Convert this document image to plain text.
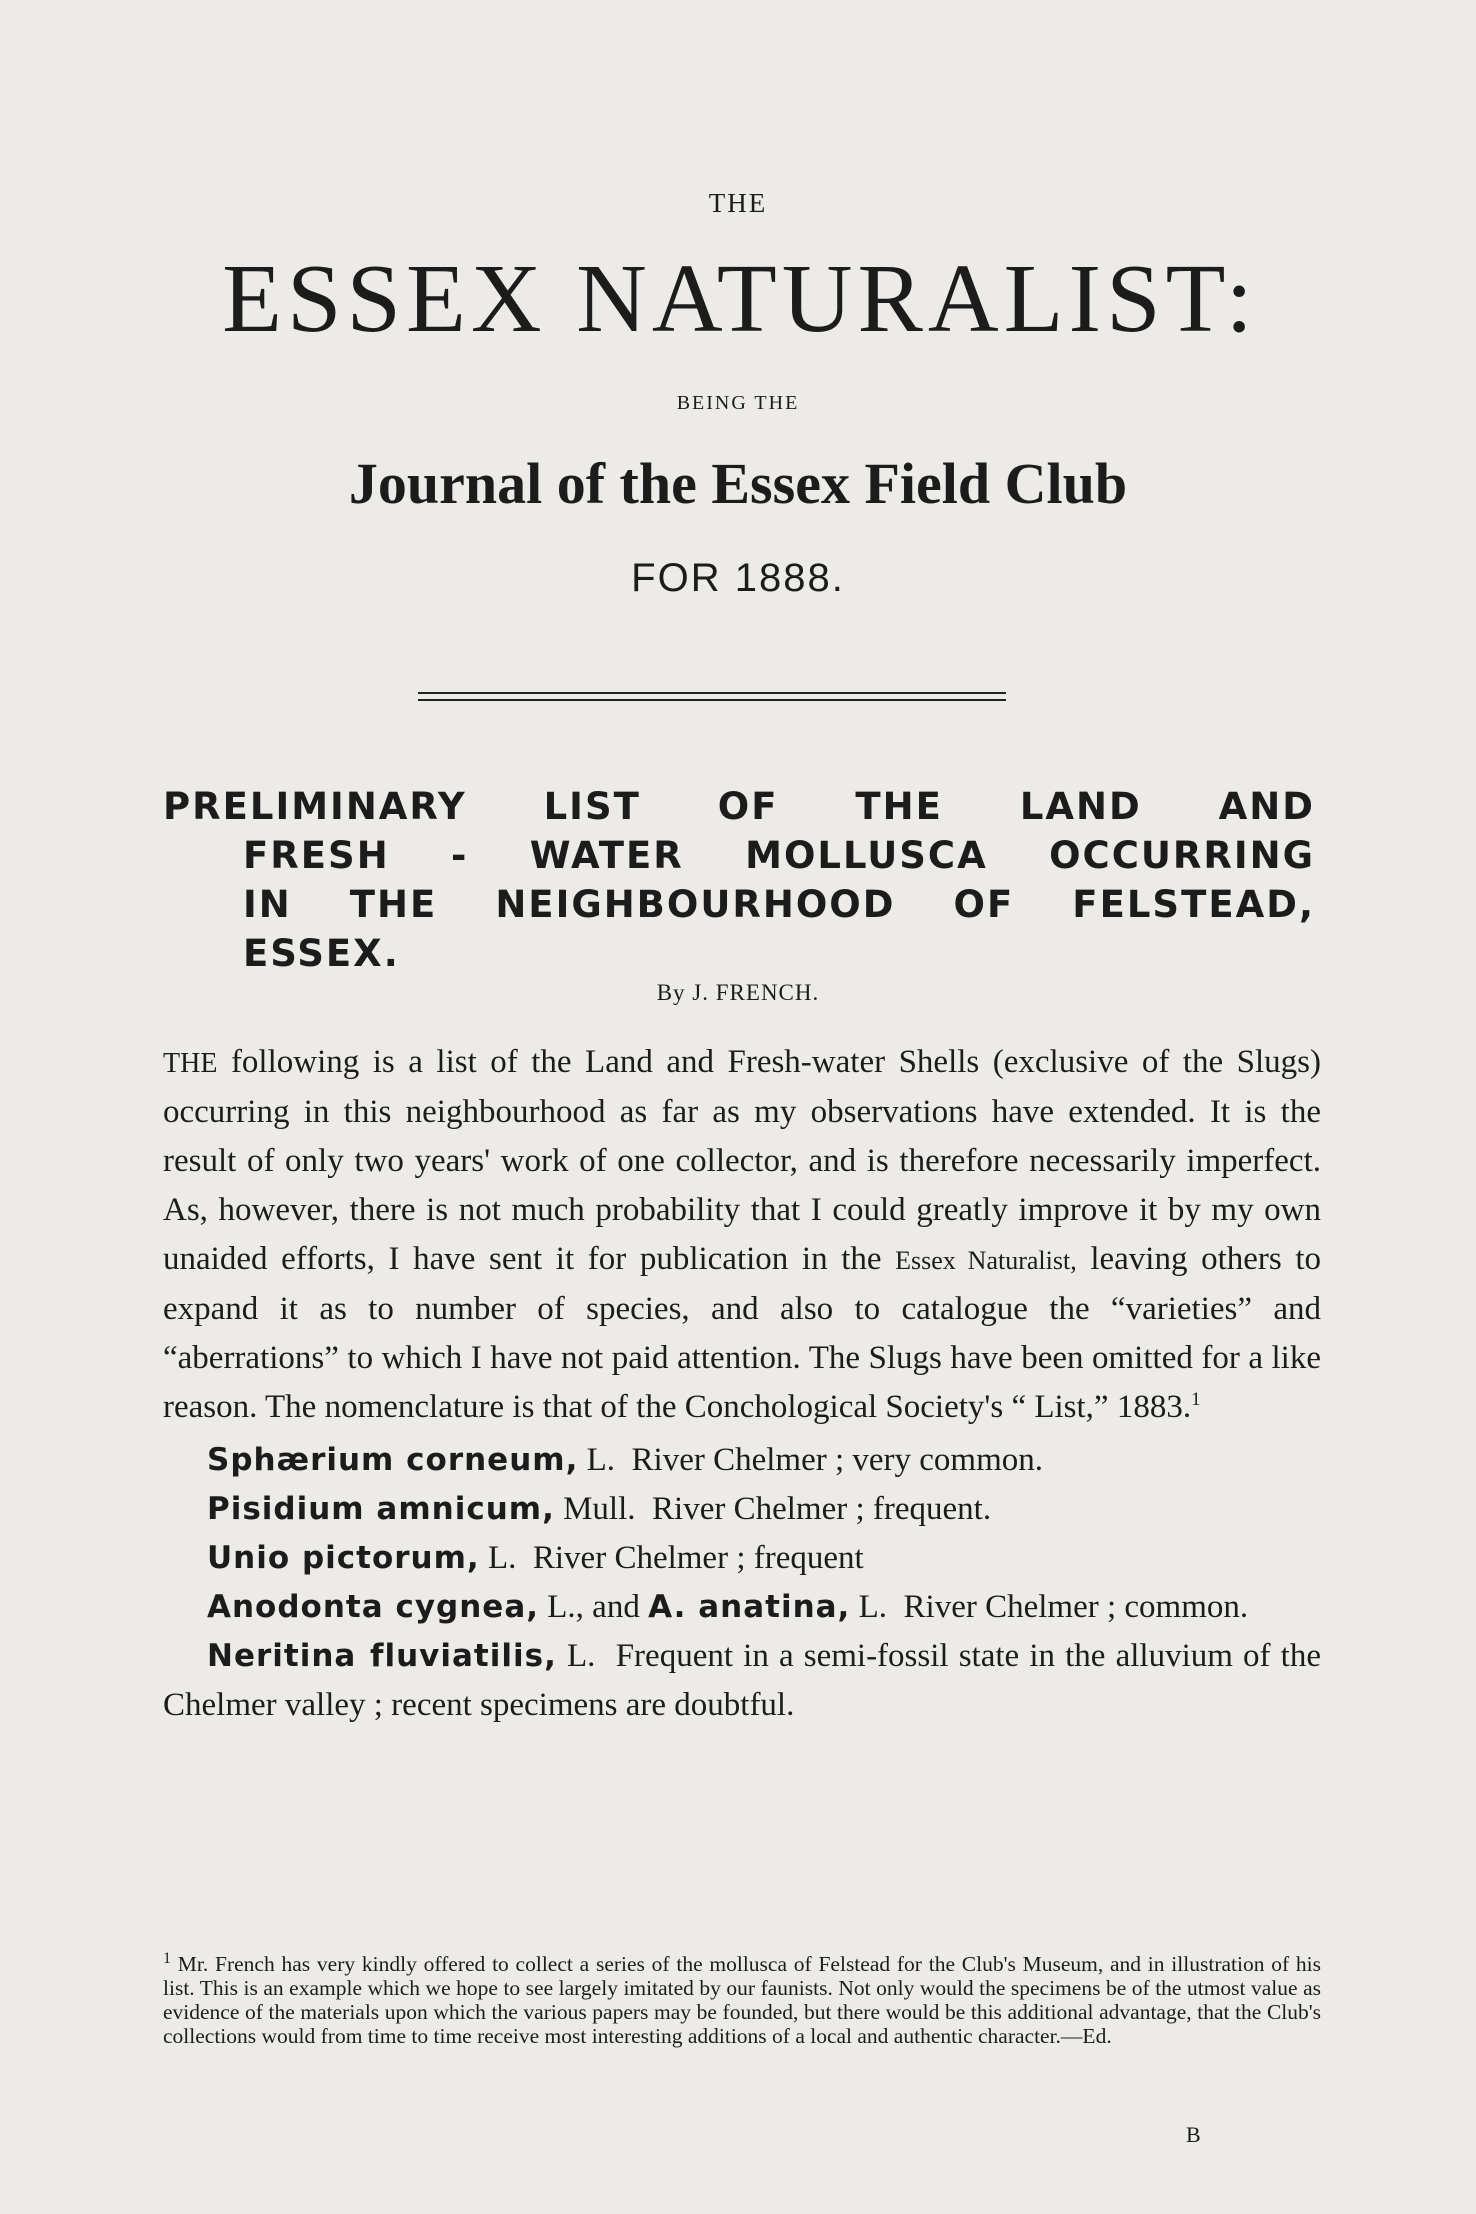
THE
ESSEX NATURALIST:
BEING THE
Journal of the Essex Field Club
FOR 1888.
PRELIMINARY LIST OF THE LAND AND
FRESH - WATER MOLLUSCA OCCURRING
IN THE NEIGHBOURHOOD OF FELSTEAD,
ESSEX.
By J. FRENCH.

THE following is a list of the Land and Fresh-water Shells (exclusive of the Slugs) occurring in this neighbourhood as far as my observations have extended. It is the result of only two years' work of one collector, and is therefore necessarily imperfect. As, however, there is not much probability that I could greatly improve it by my own unaided efforts, I have sent it for publication in the Essex Naturalist, leaving others to expand it as to number of species, and also to catalogue the “varieties” and “aberrations” to which I have not paid attention. The Slugs have been omitted for a like reason. The nomenclature is that of the Conchological Society's “ List,” 1883.$^1$

Sphærium corneum, L. River Chelmer ; very common.

Pisidium amnicum, Mull. River Chelmer ; frequent.

Unio pictorum, L. River Chelmer ; frequent

Anodonta cygnea, L., and A. anatina, L. River Chelmer ; common.

Neritina fluviatilis, L. Frequent in a semi-fossil state in the alluvium of the Chelmer valley ; recent specimens are doubtful.

$^1$ Mr. French has very kindly offered to collect a series of the mollusca of Felstead for the Club's Museum, and in illustration of his list. This is an example which we hope to see largely imitated by our faunists. Not only would the specimens be of the utmost value as evidence of the materials upon which the various papers may be founded, but there would be this additional advantage, that the Club's collections would from time to time receive most interesting additions of a local and authentic character.—Ed.
B
